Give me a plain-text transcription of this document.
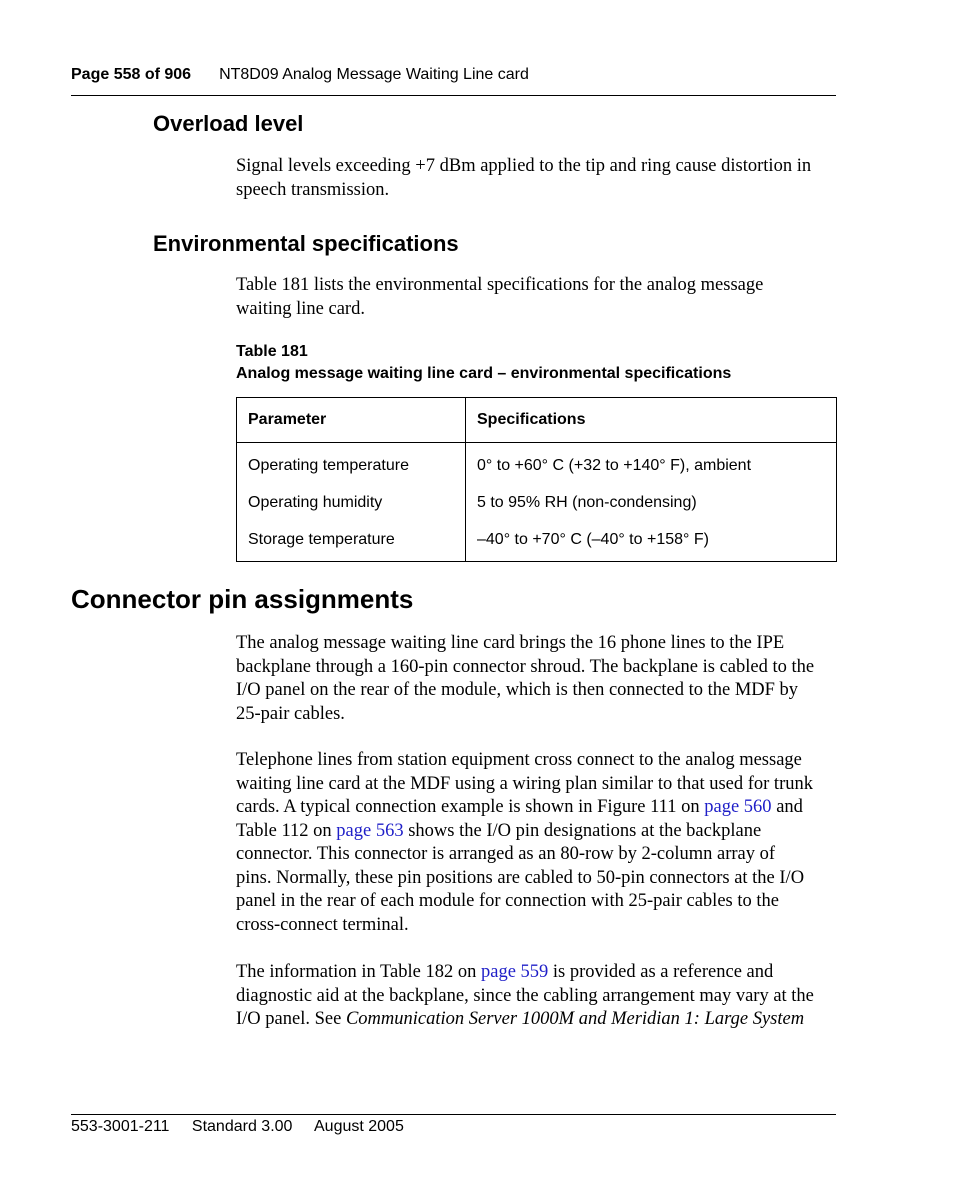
Page 558 of 906 NT8D09 Analog Message Waiting Line card
Overload level

Signal levels exceeding +7 dBm applied to the tip and ring cause distortion in
speech transmission.

Environmental specifications

Table 181 lists the environmental specifications for the analog message
waiting line card.

Table 181
Analog message waiting line card – environmental specifications
Parameter	Specifications
Operating temperature	0° to +60° C (+32 to +140° F), ambient
Operating humidity	5 to 95% RH (non-condensing)
Storage temperature	–40° to +70° C (–40° to +158° F)
Connector pin assignments

The analog message waiting line card brings the 16 phone lines to the IPE
backplane through a 160-pin connector shroud. The backplane is cabled to the
I/O panel on the rear of the module, which is then connected to the MDF by
25-pair cables.

Telephone lines from station equipment cross connect to the analog message
waiting line card at the MDF using a wiring plan similar to that used for trunk
cards. A typical connection example is shown in Figure 111 on page 560 and
Table 112 on page 563 shows the I/O pin designations at the backplane
connector. This connector is arranged as an 80-row by 2-column array of
pins. Normally, these pin positions are cabled to 50-pin connectors at the I/O
panel in the rear of each module for connection with 25-pair cables to the
cross-connect terminal.

The information in Table 182 on page 559 is provided as a reference and
diagnostic aid at the backplane, since the cabling arrangement may vary at the
I/O panel. See Communication Server 1000M and Meridian 1: Large System

553-3001-211 Standard 3.00 August 2005
